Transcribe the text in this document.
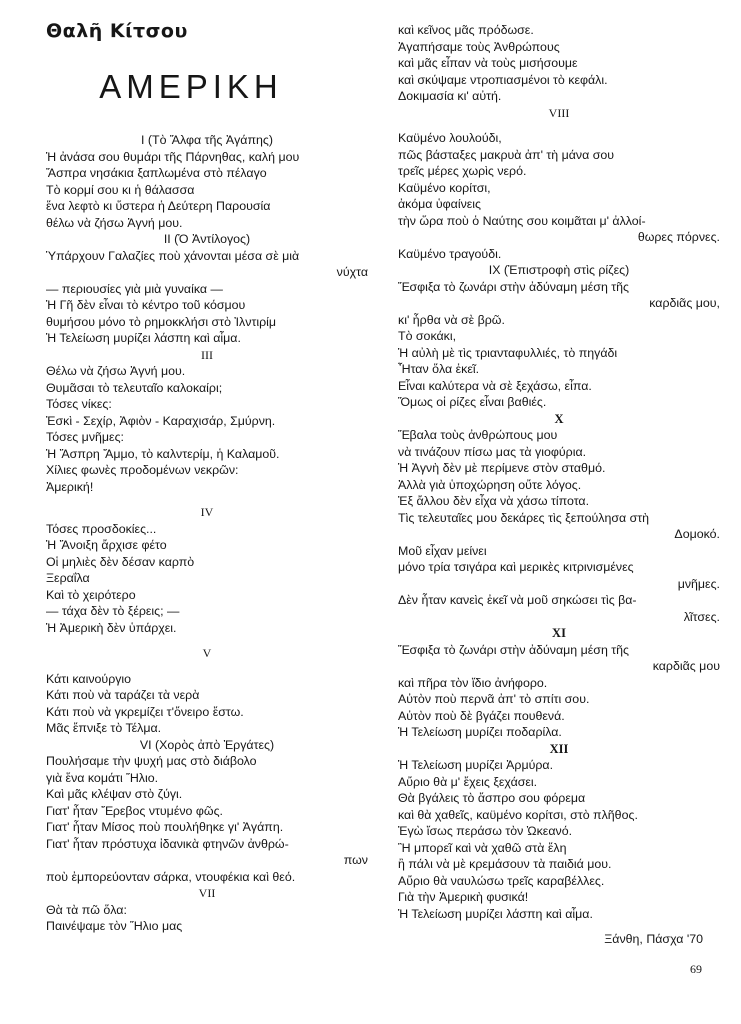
Θαλῆ Κίτσου
ΑΜΕΡΙΚΗ
Ι (Τὸ Ἄλφα τῆς Ἀγάπης)
Ἡ ἀνάσα σου θυμάρι τῆς Πάρνηθας, καλή μου
Ἄσπρα νησάκια ξαπλωμένα στὸ πέλαγο
Τὸ κορμί σου κι ἡ θάλασσα
ἕνα λεφτὸ κι ὕστερα ἡ Δεύτερη Παρουσία
θέλω νὰ ζήσω Ἀγνή μου.
ΙΙ (Ὁ Ἀντίλογος)
Ὑπάρχουν Γαλαζίες ποὺ χάνονται μέσα σὲ μιὰ
νύχτα
— περιουσίες γιὰ μιὰ γυναίκα —
Ἡ Γῆ δὲν εἶναι τὸ κέντρο τοῦ κόσμου
θυμήσου μόνο τὸ ρημοκκλήσι στὸ Ἰλντιρίμ
Ἡ Τελείωση μυρίζει λάσπη καὶ αἷμα.
ΙΙΙ
Θέλω νὰ ζήσω Ἀγνή μου.
Θυμᾶσαι τὸ τελευταῖο καλοκαίρι;
Τόσες νίκες:
Ἐσκὶ - Σεχίρ, Ἀφιὸν - Καραχισάρ, Σμύρνη.
Τόσες μνῆμες:
Ἡ Ἄσπρη Ἄμμο, τὸ καλντερίμ, ἡ Καλαμοῦ.
Χίλιες φωνὲς προδομένων νεκρῶν:
Ἀμερική!
IV
Τόσες προσδοκίες...
Ἡ Ἄνοιξη ἄρχισε φέτο
Οἱ μηλιὲς δὲν δέσαν καρπὸ
Ξεραΐλα
Καὶ τὸ χειρότερο
— τάχα δὲν τὸ ξέρεις; —
Ἡ Ἀμερικὴ δὲν ὑπάρχει.
V
Κάτι καινούργιο
Κάτι ποὺ νὰ ταράζει τὰ νερὰ
Κάτι ποὺ νὰ γκρεμίζει τ'ὄνειρο ἔστω.
Μᾶς ἔπνιξε τὸ Τέλμα.
VI (Χορὸς ἀπὸ Ἐργάτες)
Πουλήσαμε τὴν ψυχή μας στὸ διάβολο
γιὰ ἕνα κομάτι Ἥλιο.
Καὶ μᾶς κλέψαν στὸ ζύγι.
Γιατ' ἦταν Ἔρεβος ντυμένο φῶς.
Γιατ' ἦταν Μίσος ποὺ πουλήθηκε γι' Ἀγάπη.
Γιατ' ἦταν πρόστυχα ἰδανικὰ φτηνῶν ἀνθρώ-
πων
ποὺ ἐμπορεύονταν σάρκα, ντουφέκια καὶ θεό.
VII
Θὰ τὰ πῶ ὅλα:
Παινέψαμε τὸν Ἥλιο μας
καὶ κεῖνος μᾶς πρόδωσε.
Ἀγαπήσαμε τοὺς Ἀνθρώπους
καὶ μᾶς εἶπαν νὰ τοὺς μισήσουμε
καὶ σκύψαμε ντροπιασμένοι τὸ κεφάλι.
Δοκιμασία κι' αὐτή.
VIII
Καϋμένο λουλούδι,
πῶς βάσταξες μακρυὰ ἀπ' τὴ μάνα σου
τρεῖς μέρες χωρὶς νερό.
Καϋμένο κορίτσι,
ἀκόμα ὑφαίνεις
τὴν ὥρα ποὺ ὁ Ναύτης σου κοιμᾶται μ' ἀλλοί-
θωρες πόρνες.
Καϋμένο τραγούδι.
ΙΧ (Ἐπιστροφὴ στὶς ρίζες)
Ἔσφιξα τὸ ζωνάρι στὴν ἀδύναμη μέση τῆς
καρδιᾶς μου,
κι' ἦρθα νὰ σὲ βρῶ.
Τὸ σοκάκι,
Ἡ αὐλὴ μὲ τὶς τριανταφυλλιές, τὸ πηγάδι
Ἦταν ὅλα ἐκεῖ.
Εἶναι καλύτερα νὰ σὲ ξεχάσω, εἶπα.
Ὅμως οἱ ρίζες εἶναι βαθιές.
Χ
Ἔβαλα τοὺς ἀνθρώπους μου
νὰ τινάζουν πίσω μας τὰ γιοφύρια.
Ἡ Ἀγνὴ δὲν μὲ περίμενε στὸν σταθμό.
Ἀλλὰ γιὰ ὑποχώρηση οὔτε λόγος.
Ἐξ ἄλλου δὲν εἶχα νὰ χάσω τίποτα.
Τὶς τελευταῖες μου δεκάρες τὶς ξεπούλησα στὴ
Δομοκό.
Μοῦ εἶχαν μείνει
μόνο τρία τσιγάρα καὶ μερικὲς κιτρινισμένες
μνῆμες.
Δὲν ἦταν κανεὶς ἐκεῖ νὰ μοῦ σηκώσει τὶς βα-
λῖτσες.
ΧΙ
Ἔσφιξα τὸ ζωνάρι στὴν ἀδύναμη μέση τῆς
καρδιᾶς μου
καὶ πῆρα τὸν ἴδιο ἀνήφορο.
Αὐτὸν ποὺ περνᾶ ἀπ' τὸ σπίτι σου.
Αὐτὸν ποὺ δὲ βγάζει πουθενά.
Ἡ Τελείωση μυρίζει ποδαρίλα.
ΧΙΙ
Ἡ Τελείωση μυρίζει Ἀρμύρα.
Αὔριο θὰ μ' ἔχεις ξεχάσει.
Θὰ βγάλεις τὸ ἄσπρο σου φόρεμα
καὶ θὰ χαθεῖς, καϋμένο κορίτσι, στὸ πλῆθος.
Ἐγὼ ἴσως περάσω τὸν Ὠκεανό.
Ἢ μπορεῖ καὶ νὰ χαθῶ στὰ ἕλη
ἢ πάλι νὰ μὲ κρεμάσουν τὰ παιδιά μου.
Αὔριο θὰ ναυλώσω τρεῖς καραβέλλες.
Γιὰ τὴν Ἀμερικὴ φυσικά!
Ἡ Τελείωση μυρίζει λάσπη καὶ αἷμα.
Ξάνθη, Πάσχα '70
69
